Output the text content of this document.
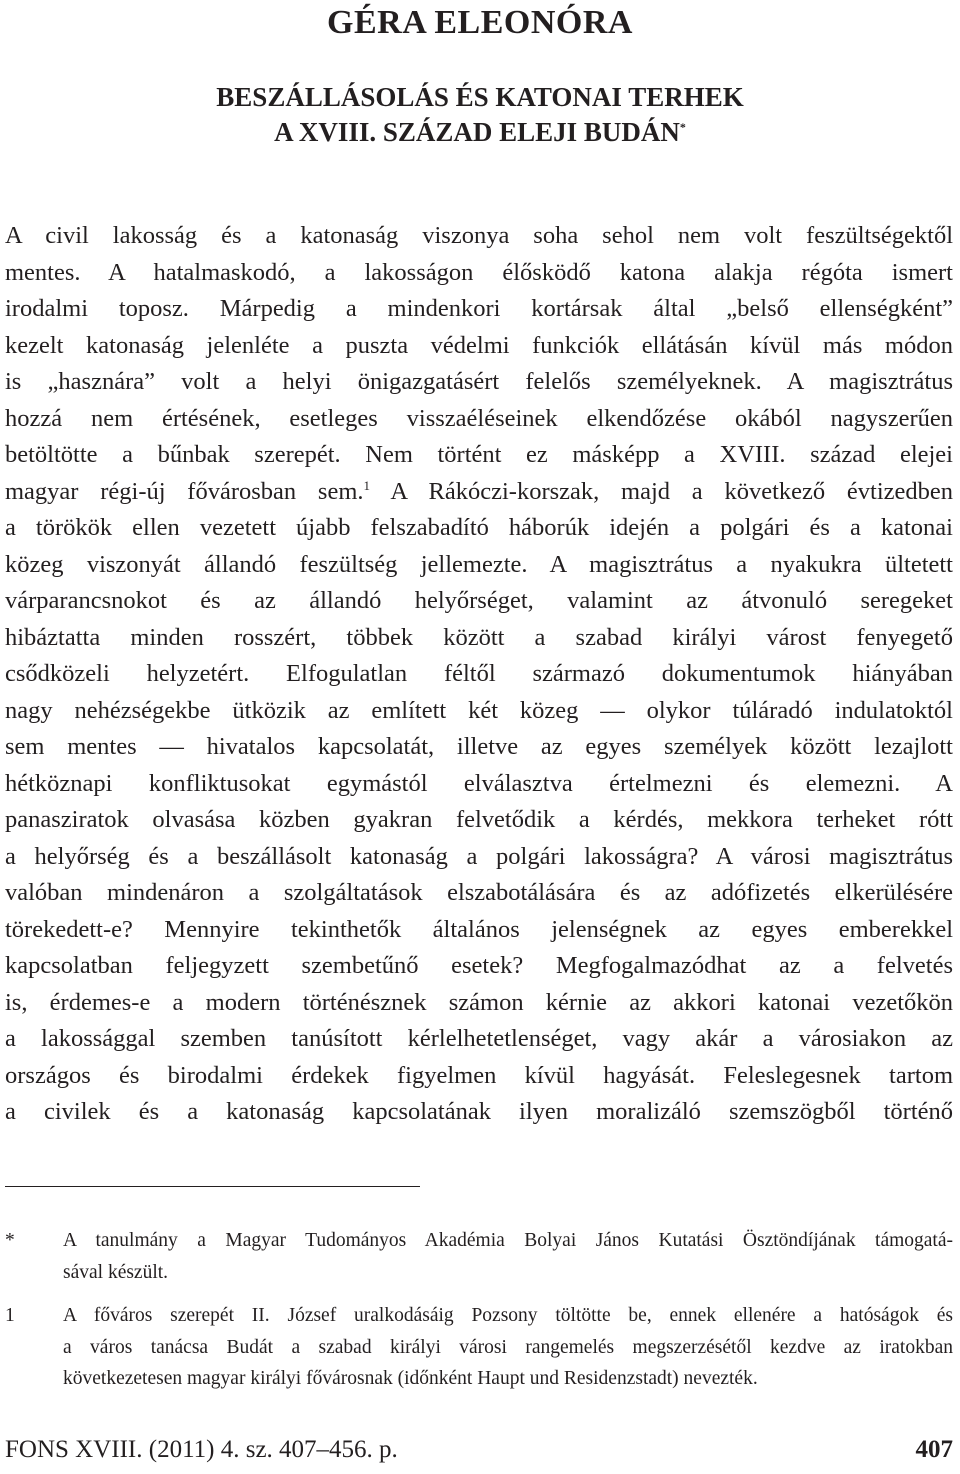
GÉRA ELEONÓRA
BESZÁLLÁSOLÁS ÉS KATONAI TERHEK
A XVIII. SZÁZAD ELEJI BUDÁN*
A civil lakosság és a katonaság viszonya soha sehol nem volt feszültségektől
mentes. A hatalmaskodó, a lakosságon élősködő katona alakja régóta ismert
irodalmi toposz. Márpedig a mindenkori kortársak által „belső ellenségként”
kezelt katonaság jelenléte a puszta védelmi funkciók ellátásán kívül más módon
is „hasznára” volt a helyi önigazgatásért felelős személyeknek. A magisztrátus
hozzá nem értésének, esetleges visszaéléseinek elkendőzése okából nagyszerűen
betöltötte a bűnbak szerepét. Nem történt ez másképp a XVIII. század elejei
magyar régi-új fővárosban sem.$^1$ A Rákóczi-korszak, majd a következő évtizedben
a törökök ellen vezetett újabb felszabadító háborúk idején a polgári és a katonai
közeg viszonyát állandó feszültség jellemezte. A magisztrátus a nyakukra ültetett
várparancsnokot és az állandó helyőrséget, valamint az átvonuló seregeket
hibáztatta minden rosszért, többek között a szabad királyi várost fenyegető
csődközeli helyzetért. Elfogulatlan féltől származó dokumentumok hiányában
nagy nehézségekbe ütközik az említett két közeg — olykor túláradó indulatoktól
sem mentes — hivatalos kapcsolatát, illetve az egyes személyek között lezajlott
hétköznapi konfliktusokat egymástól elválasztva értelmezni és elemezni. A
panasziratok olvasása közben gyakran felvetődik a kérdés, mekkora terheket rótt
a helyőrség és a beszállásolt katonaság a polgári lakosságra? A városi magisztrátus
valóban mindenáron a szolgáltatások elszabotálására és az adófizetés elkerülésére
törekedett-e? Mennyire tekinthetők általános jelenségnek az egyes emberekkel
kapcsolatban feljegyzett szembetűnő esetek? Megfogalmazódhat az a felvetés
is, érdemes-e a modern történésznek számon kérnie az akkori katonai vezetőkön
a lakossággal szemben tanúsított kérlelhetetlenséget, vagy akár a városiakon az
országos és birodalmi érdekek figyelmen kívül hagyását. Feleslegesnek tartom
a civilek és a katonaság kapcsolatának ilyen moralizáló szemszögből történő
* A tanulmány a Magyar Tudományos Akadémia Bolyai János Kutatási Ösztöndíjának támogatá-
sával készült.
1 A főváros szerepét II. József uralkodásáig Pozsony töltötte be, ennek ellenére a hatóságok és
a város tanácsa Budát a szabad királyi városi rangemelés megszerzésétől kezdve az iratokban
következetesen magyar királyi fővárosnak (időnként Haupt und Residenzstadt) nevezték.
FONS XVIII. (2011) 4. sz. 407–456. p.	407
